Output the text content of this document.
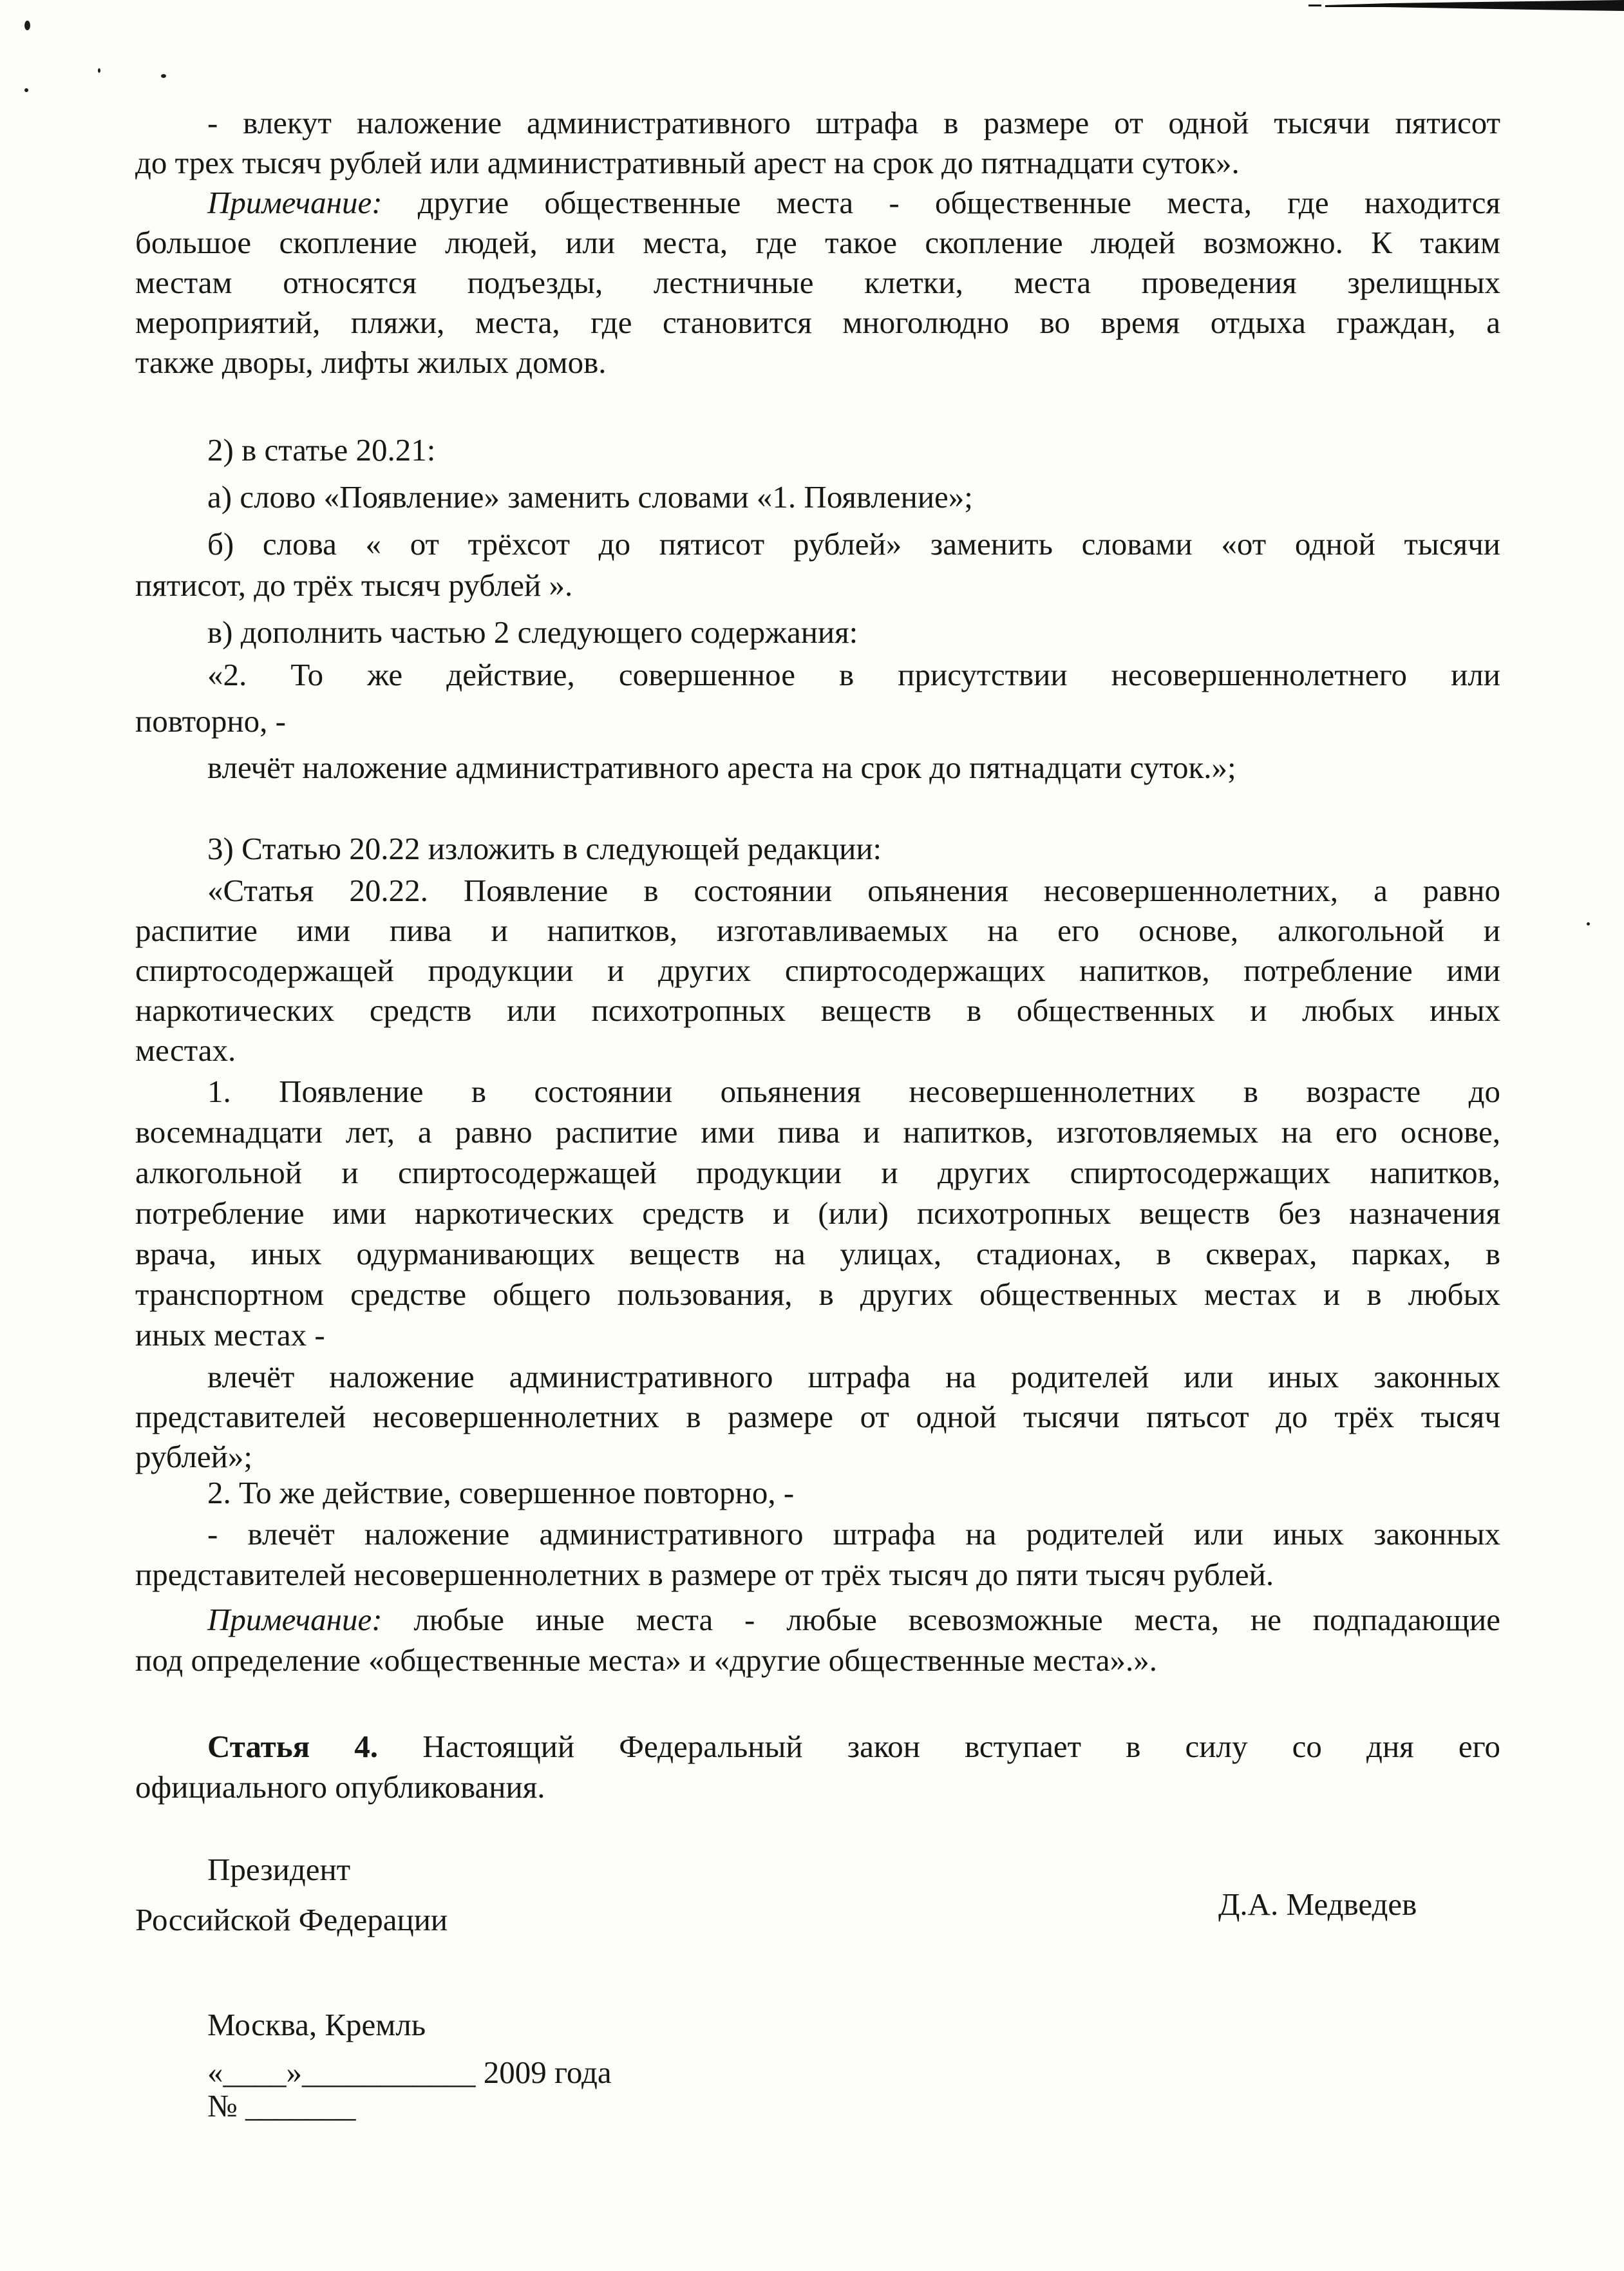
- влекут наложение административного штрафа в размере от одной тысячи пятисот
до трех тысяч рублей или административный арест на срок до пятнадцати суток».
Примечание: другие общественные места - общественные места, где находится
большое скопление людей, или места, где такое скопление людей возможно. К таким
местам относятся подъезды, лестничные клетки, места проведения зрелищных
мероприятий, пляжи, места, где становится многолюдно во время отдыха граждан, а
также дворы, лифты жилых домов.
2) в статье 20.21:
а) слово «Появление» заменить словами «1. Появление»;
б) слова « от трёхсот до пятисот рублей» заменить словами «от одной тысячи
пятисот, до трёх тысяч рублей ».
в) дополнить частью 2 следующего содержания:
«2. То же действие, совершенное в присутствии несовершеннолетнего или
повторно, -
влечёт наложение административного ареста на срок до пятнадцати суток.»;
3) Статью 20.22 изложить в следующей редакции:
«Статья 20.22. Появление в состоянии опьянения несовершеннолетних, а равно
распитие ими пива и напитков, изготавливаемых на его основе, алкогольной и
спиртосодержащей продукции и других спиртосодержащих напитков, потребление ими
наркотических средств или психотропных веществ в общественных и любых иных
местах.
1. Появление в состоянии опьянения несовершеннолетних в возрасте до
восемнадцати лет, а равно распитие ими пива и напитков, изготовляемых на его основе,
алкогольной и спиртосодержащей продукции и других спиртосодержащих напитков,
потребление ими наркотических средств и (или) психотропных веществ без назначения
врача, иных одурманивающих веществ на улицах, стадионах, в скверах, парках, в
транспортном средстве общего пользования, в других общественных местах и в любых
иных местах -
влечёт наложение административного штрафа на родителей или иных законных
представителей несовершеннолетних в размере от одной тысячи пятьсот до трёх тысяч
рублей»;
2. То же действие, совершенное повторно, -
- влечёт наложение административного штрафа на родителей или иных законных
представителей несовершеннолетних в размере от трёх тысяч до пяти тысяч рублей.
Примечание: любые иные места - любые всевозможные места, не подпадающие
под определение «общественные места» и «другие общественные места».».
Статья 4. Настоящий Федеральный закон вступает в силу со дня его
официального опубликования.
Президент
Российской Федерации	Д.А. Медведев
Москва, Кремль
«____»___________ 2009 года
№ _______
